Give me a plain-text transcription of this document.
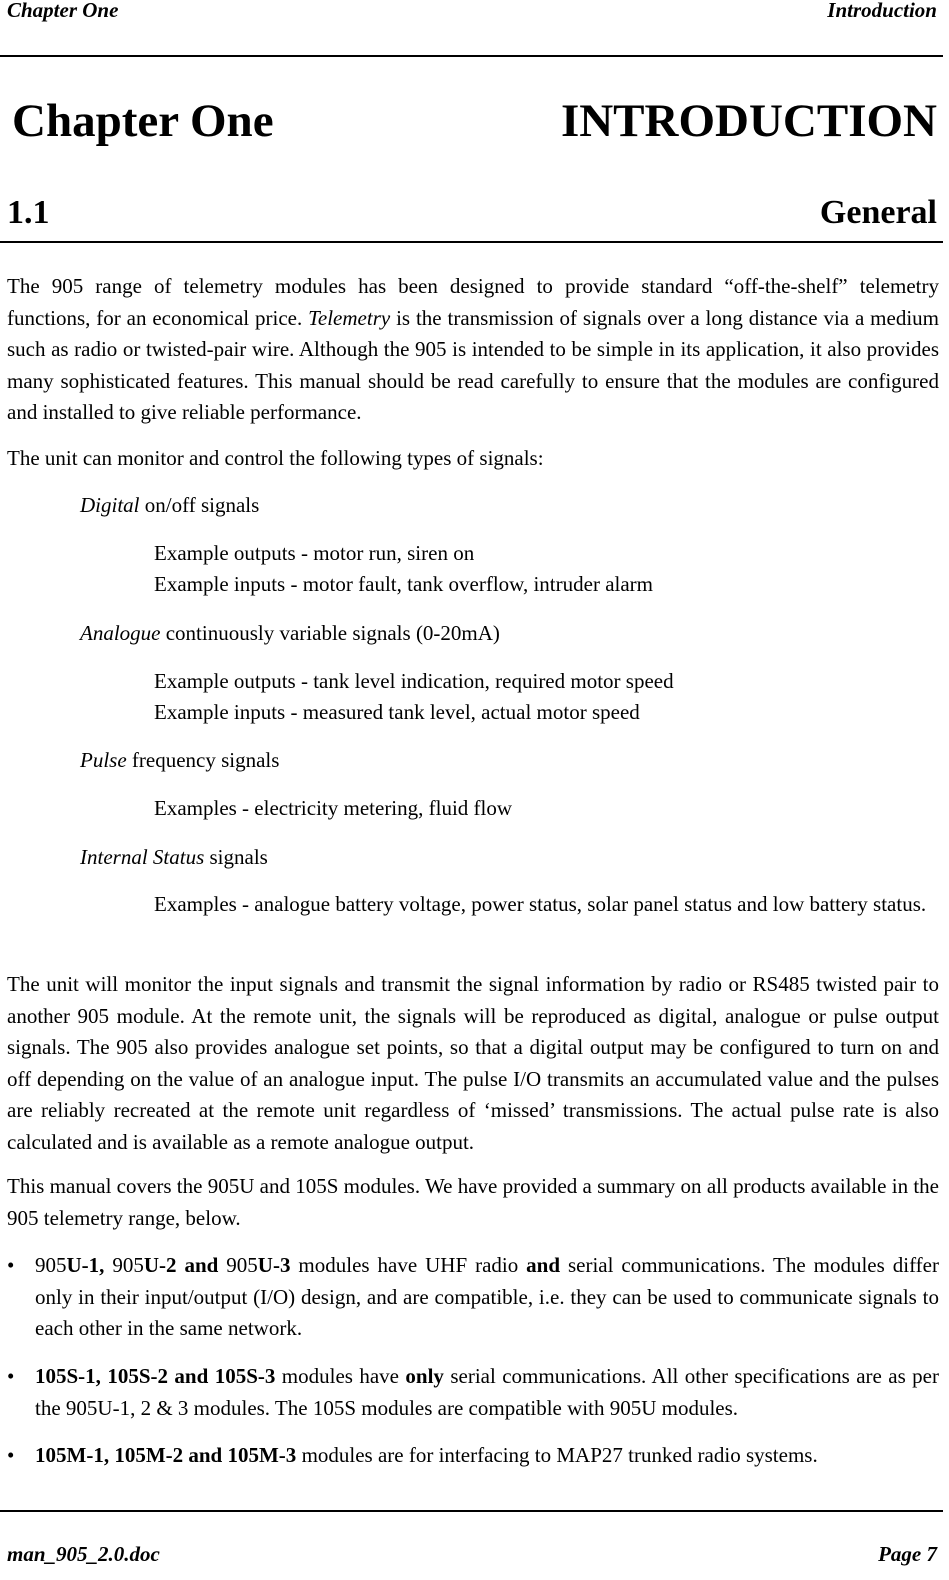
Chapter One	Introduction
Chapter One	INTRODUCTION
1.1	General
The 905 range of telemetry modules has been designed to provide standard “off-the-shelf” telemetry functions, for an economical price. Telemetry is the transmission of signals over a long distance via a medium such as radio or twisted-pair wire. Although the 905 is intended to be simple in its application, it also provides many sophisticated features. This manual should be read carefully to ensure that the modules are configured and installed to give reliable performance.
The unit can monitor and control the following types of signals:
Digital on/off signals
Example outputs - motor run, siren on
Example inputs - motor fault, tank overflow, intruder alarm
Analogue continuously variable signals (0-20mA)
Example outputs - tank level indication, required motor speed
Example inputs - measured tank level, actual motor speed
Pulse frequency signals
Examples - electricity metering, fluid flow
Internal Status signals
Examples - analogue battery voltage, power status, solar panel status and low battery status.
The unit will monitor the input signals and transmit the signal information by radio or RS485 twisted pair to another 905 module. At the remote unit, the signals will be reproduced as digital, analogue or pulse output signals. The 905 also provides analogue set points, so that a digital output may be configured to turn on and off depending on the value of an analogue input. The pulse I/O transmits an accumulated value and the pulses are reliably recreated at the remote unit regardless of ‘missed’ transmissions. The actual pulse rate is also calculated and is available as a remote analogue output.
This manual covers the 905U and 105S modules. We have provided a summary on all products available in the 905 telemetry range, below.
• 905U-1, 905U-2 and 905U-3 modules have UHF radio and serial communications. The modules differ only in their input/output (I/O) design, and are compatible, i.e. they can be used to communicate signals to each other in the same network.
• 105S-1, 105S-2 and 105S-3 modules have only serial communications. All other specifications are as per the 905U-1, 2 & 3 modules. The 105S modules are compatible with 905U modules.
• 105M-1, 105M-2 and 105M-3 modules are for interfacing to MAP27 trunked radio systems.
man_905_2.0.doc	Page 7
